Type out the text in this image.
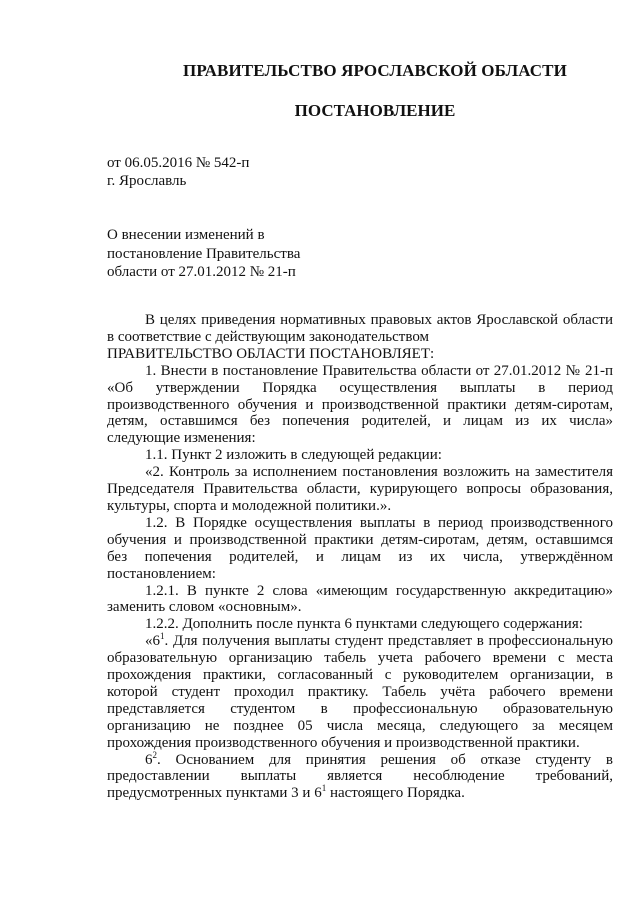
ПРАВИТЕЛЬСТВО ЯРОСЛАВСКОЙ ОБЛАСТИ
ПОСТАНОВЛЕНИЕ
от 06.05.2016 № 542-п
г. Ярославль
О внесении изменений в
постановление Правительства
области от 27.01.2012 № 21-п

В целях приведения нормативных правовых актов Ярославской области в соответствие с действующим законодательством

ПРАВИТЕЛЬСТВО ОБЛАСТИ ПОСТАНОВЛЯЕТ:

1. Внести в постановление Правительства области от 27.01.2012 № 21-п «Об утверждении Порядка осуществления выплаты в период производственного обучения и производственной практики детям-сиротам, детям, оставшимся без попечения родителей, и лицам из их числа» следующие изменения:

1.1. Пункт 2 изложить в следующей редакции:

«2. Контроль за исполнением постановления возложить на заместителя Председателя Правительства области, курирующего вопросы образования, культуры, спорта и молодежной политики.».

1.2. В Порядке осуществления выплаты в период производственного обучения и производственной практики детям-сиротам, детям, оставшимся без попечения родителей, и лицам из их числа, утверждённом постановлением:

1.2.1. В пункте 2 слова «имеющим государственную аккредитацию» заменить словом «основным».

1.2.2. Дополнить после пункта 6 пунктами следующего содержания:

«$6^1$. Для получения выплаты студент представляет в профессиональную образовательную организацию табель учета рабочего времени с места прохождения практики, согласованный с руководителем организации, в которой студент проходил практику. Табель учёта рабочего времени представляется студентом в профессиональную образовательную организацию не позднее 05 числа месяца, следующего за месяцем прохождения производственного обучения и производственной практики.

$6^2$. Основанием для принятия решения об отказе студенту в предоставлении выплаты является несоблюдение требований, предусмотренных пунктами 3 и $6^1$ настоящего Порядка.
